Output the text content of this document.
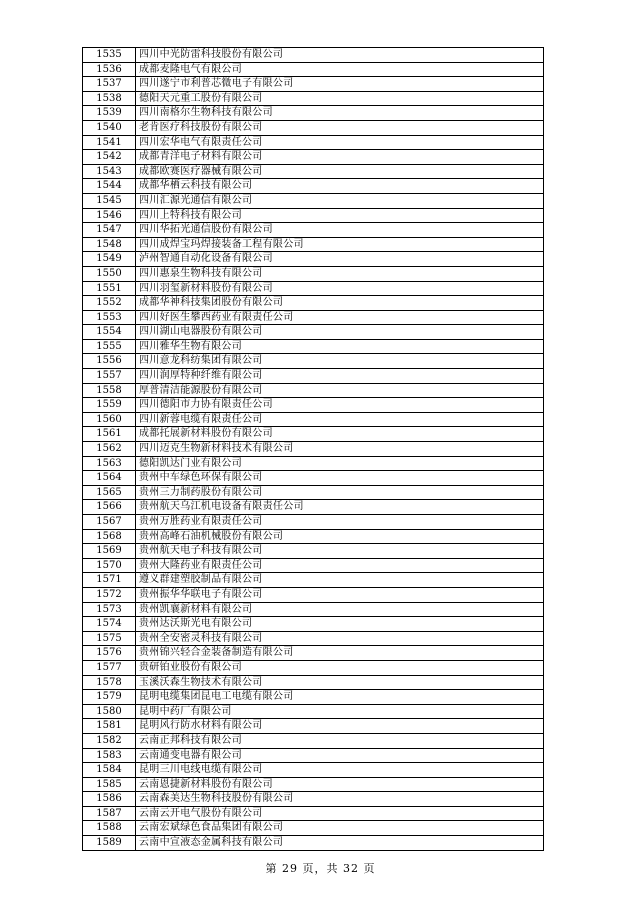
1535	四川中光防雷科技股份有限公司
1536	成都麦隆电气有限公司
1537	四川遂宁市利普芯微电子有限公司
1538	德阳天元重工股份有限公司
1539	四川南格尔生物科技有限公司
1540	老肯医疗科技股份有限公司
1541	四川宏华电气有限责任公司
1542	成都青洋电子材料有限公司
1543	成都欧赛医疗器械有限公司
1544	成都华栖云科技有限公司
1545	四川汇源光通信有限公司
1546	四川上特科技有限公司
1547	四川华拓光通信股份有限公司
1548	四川成焊宝玛焊接装备工程有限公司
1549	泸州智通自动化设备有限公司
1550	四川惠泉生物科技有限公司
1551	四川羽玺新材料股份有限公司
1552	成都华神科技集团股份有限公司
1553	四川好医生攀西药业有限责任公司
1554	四川湖山电器股份有限公司
1555	四川雅华生物有限公司
1556	四川意龙科纺集团有限公司
1557	四川润厚特种纤维有限公司
1558	厚普清洁能源股份有限公司
1559	四川德阳市力协有限责任公司
1560	四川新蓉电缆有限责任公司
1561	成都托展新材料股份有限公司
1562	四川迈克生物新材料技术有限公司
1563	德阳凯达门业有限公司
1564	贵州中车绿色环保有限公司
1565	贵州三力制药股份有限公司
1566	贵州航天乌江机电设备有限责任公司
1567	贵州万胜药业有限责任公司
1568	贵州高峰石油机械股份有限公司
1569	贵州航天电子科技有限公司
1570	贵州大隆药业有限责任公司
1571	遵义群建塑胶制品有限公司
1572	贵州振华华联电子有限公司
1573	贵州凯襄新材料有限公司
1574	贵州达沃斯光电有限公司
1575	贵州全安密灵科技有限公司
1576	贵州锦兴轻合金装备制造有限公司
1577	贵研铂业股份有限公司
1578	玉溪沃森生物技术有限公司
1579	昆明电缆集团昆电工电缆有限公司
1580	昆明中药厂有限公司
1581	昆明风行防水材料有限公司
1582	云南正邦科技有限公司
1583	云南通变电器有限公司
1584	昆明三川电线电缆有限公司
1585	云南恩捷新材料股份有限公司
1586	云南森美达生物科技股份有限公司
1587	云南云开电气股份有限公司
1588	云南宏斌绿色食品集团有限公司
1589	云南中宣液态金属科技有限公司
第 29 页，共 32 页
